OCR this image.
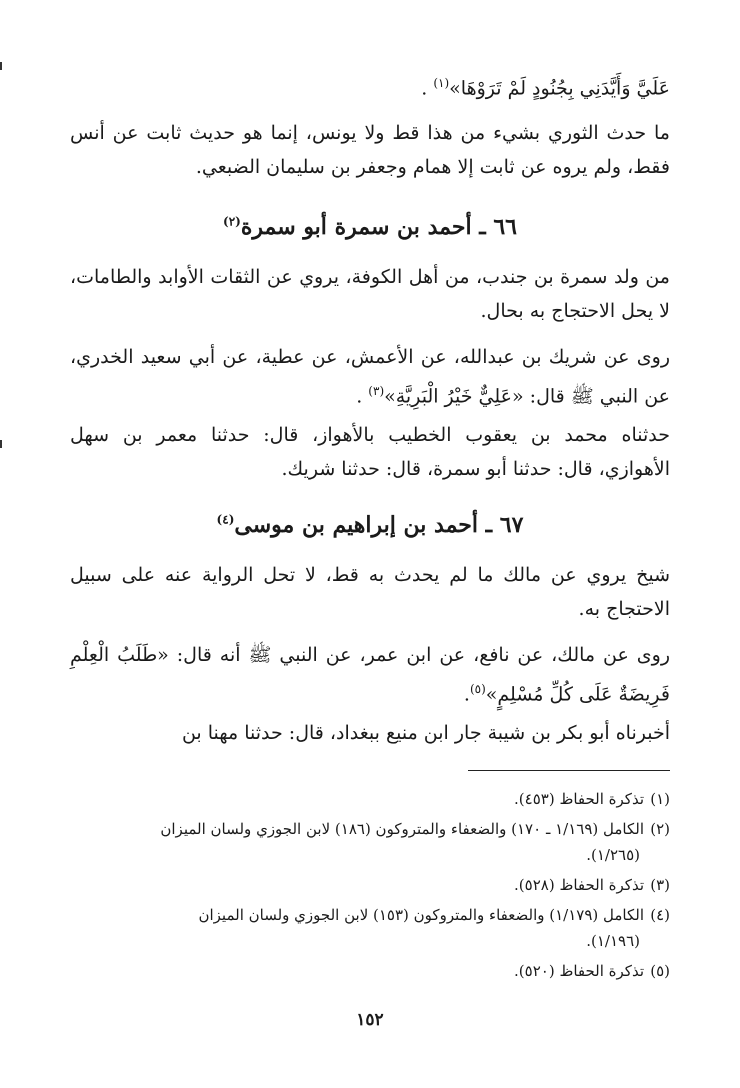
عَلَيَّ وَأَيَّدَنِي بِجُنُودٍ لَمْ تَرَوْهَا»$^{(١)}$ .

ما حدث الثوري بشيء من هذا قط ولا يونس، إنما هو حديث ثابت عن أنس فقط، ولم يروه عن ثابت إلا همام وجعفر بن سليمان الضبعي.

٦٦ ـ أحمد بن سمرة أبو سمرة$^{(٢)}$

من ولد سمرة بن جندب، من أهل الكوفة، يروي عن الثقات الأوابد والطامات، لا يحل الاحتجاج به بحال.

روى عن شريك بن عبدالله، عن الأعمش، عن عطية، عن أبي سعيد الخدري، عن النبي ﷺ قال: «عَلِيٌّ خَيْرُ الْبَرِيَّةِ»$^{(٣)}$ .

حدثناه محمد بن يعقوب الخطيب بالأهواز، قال: حدثنا معمر بن سهل الأهوازي، قال: حدثنا أبو سمرة، قال: حدثنا شريك.

٦٧ ـ أحمد بن إبراهيم بن موسى$^{(٤)}$

شيخ يروي عن مالك ما لم يحدث به قط، لا تحل الرواية عنه على سبيل الاحتجاج به.

روى عن مالك، عن نافع، عن ابن عمر، عن النبي ﷺ أنه قال: «طَلَبُ الْعِلْمِ فَرِيضَةٌ عَلَى كُلِّ مُسْلِمٍ»$^{(٥)}$.

أخبرناه أبو بكر بن شيبة جار ابن منيع ببغداد، قال: حدثنا مهنا بن

(١)تذكرة الحفاظ (٤٥٣).
(٢)الكامل (١/١٦٩ ـ ١٧٠) والضعفاء والمتروكون (١٨٦) لابن الجوزي ولسان الميزان
(١/٢٦٥).
(٣)تذكرة الحفاظ (٥٢٨).
(٤)الكامل (١/١٧٩) والضعفاء والمتروكون (١٥٣) لابن الجوزي ولسان الميزان
(١/١٩٦).
(٥)تذكرة الحفاظ (٥٢٠).
١٥٢
